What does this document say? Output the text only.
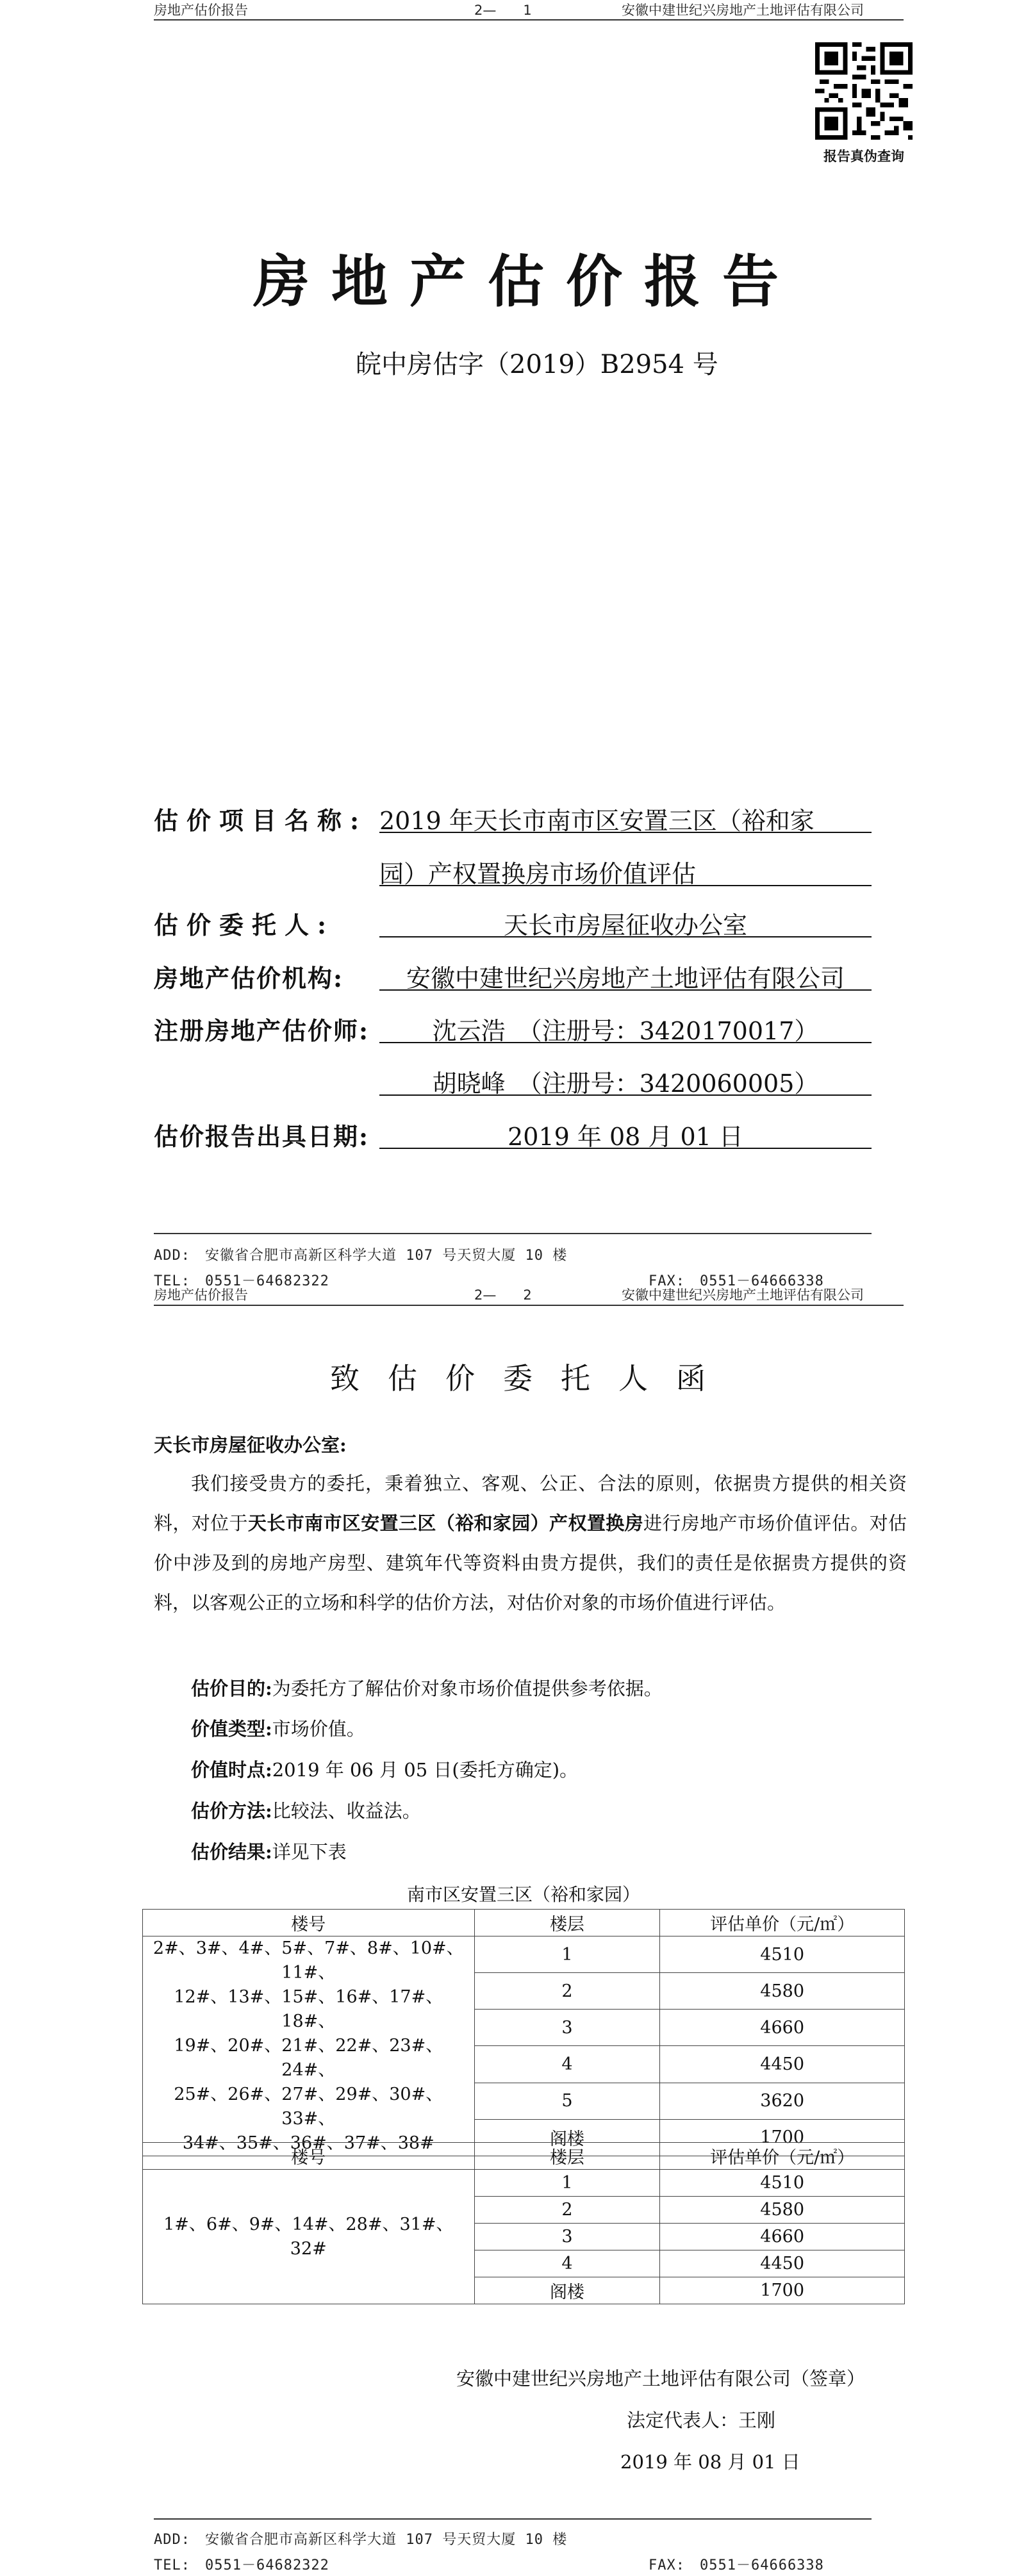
房地产估价报告	2—　　1	安徽中建世纪兴房地产土地评估有限公司
报告真伪查询
房地产估价报告
皖中房估字（2019）B2954 号
估价项目名称: 2019 年天长市南市区安置三区（裕和家
园）产权置换房市场价值评估
估价委托人:	天长市房屋征收办公室
房地产估价机构:	安徽中建世纪兴房地产土地评估有限公司
注册房地产估价师:	沈云浩　（注册号：3420170017）
胡晓峰　（注册号：3420060005）
估价报告出具日期:	2019 年 08 月 01 日
ADD:　安徽省合肥市高新区科学大道 107 号天贸大厦 10 楼
TEL:　0551－64682322	FAX:　0551－64666338
房地产估价报告	2—　　2	安徽中建世纪兴房地产土地评估有限公司
致估价委托人函
天长市房屋征收办公室:
我们接受贵方的委托，秉着独立、客观、公正、合法的原则，依据贵方提供的相关资料，对位于天长市南市区安置三区（裕和家园）产权置换房进行房地产市场价值评估。对估价中涉及到的房地产房型、建筑年代等资料由贵方提供，我们的责任是依据贵方提供的资料，以客观公正的立场和科学的估价方法，对估价对象的市场价值进行评估。
估价目的:为委托方了解估价对象市场价值提供参考依据。
价值类型:市场价值。
价值时点:2019 年 06 月 05 日(委托方确定)。
估价方法:比较法、收益法。
估价结果:详见下表
南市区安置三区（裕和家园）
楼号	楼层	评估单价（元/㎡）

2#、3#、4#、5#、7#、8#、10#、11#、
12#、13#、15#、16#、17#、18#、
19#、20#、21#、22#、23#、24#、
25#、26#、27#、29#、30#、33#、
34#、35#、36#、37#、38#	1	4510
	2	4580
	3	4660
	4	4450
	5	3620
	阁楼	1700
楼号	楼层	评估单价（元/㎡）
1#、6#、9#、14#、28#、31#、32#	1	4510
	2	4580
	3	4660
	4	4450
	阁楼	1700
安徽中建世纪兴房地产土地评估有限公司（签章）
法定代表人：王刚
2019 年 08 月 01 日
ADD:　安徽省合肥市高新区科学大道 107 号天贸大厦 10 楼
TEL:　0551－64682322	FAX:　0551－64666338
